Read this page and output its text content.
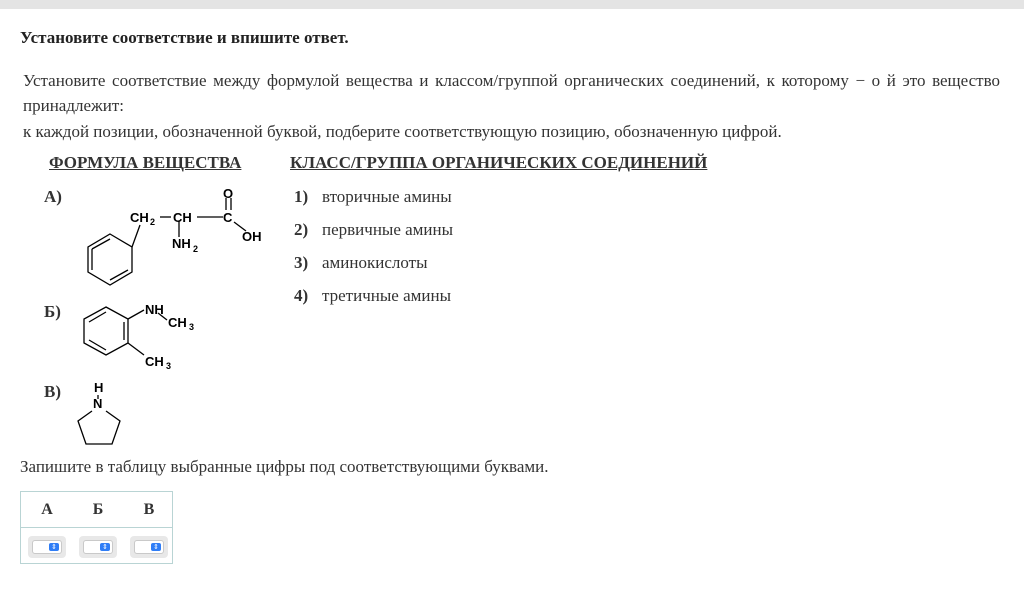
Установите соответствие и впишите ответ.
Установите соответствие между формулой вещества и классом/группой органических соединений, к которому − о й это вещество принадлежит:
к каждой позиции, обозначенной буквой, подберите соответствующую позицию, обозначенную цифрой.
ФОРМУЛА ВЕЩЕСТВА	КЛАСС/ГРУППА ОРГАНИЧЕСКИХ СОЕДИНЕНИЙ
А)
CH 2 CH
O
C
OH
NH 2
Б)	NH
CH 3
CH 3
В)	H
N
1) вторичные амины
2) первичные амины
3) аминокислоты
4) третичные амины
Запишите в таблицу выбранные цифры под соответствующими буквами.
А Б	В
⇕	⇕	⇕
